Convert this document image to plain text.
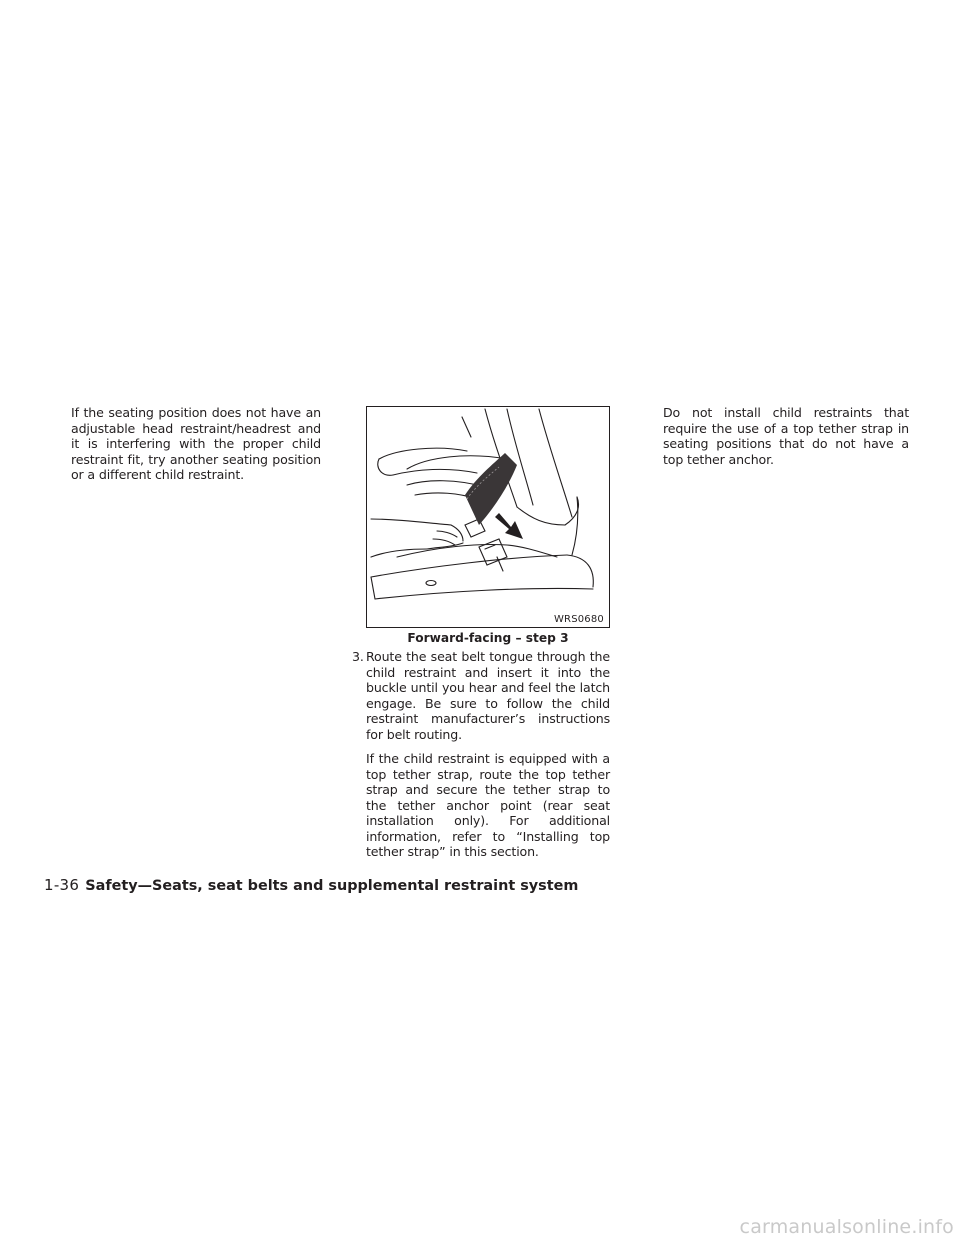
If the seating position does not have an adjustable head restraint/headrest and it is interfering with the proper child restraint fit, try another seating position or a different child restraint.
WRS0680
Forward-facing – step 3
3. Route the seat belt tongue through the child restraint and insert it into the buckle until you hear and feel the latch engage. Be sure to follow the child restraint manufacturer’s instructions for belt routing.

If the child restraint is equipped with a top tether strap, route the top tether strap and secure the tether strap to the tether anchor point (rear seat installation only). For additional information, refer to “Installing top tether strap” in this section.

Do not install child restraints that require the use of a top tether strap in seating positions that do not have a top tether anchor.
1-36 Safety—Seats, seat belts and supplemental restraint system
carmanualsonline.info
